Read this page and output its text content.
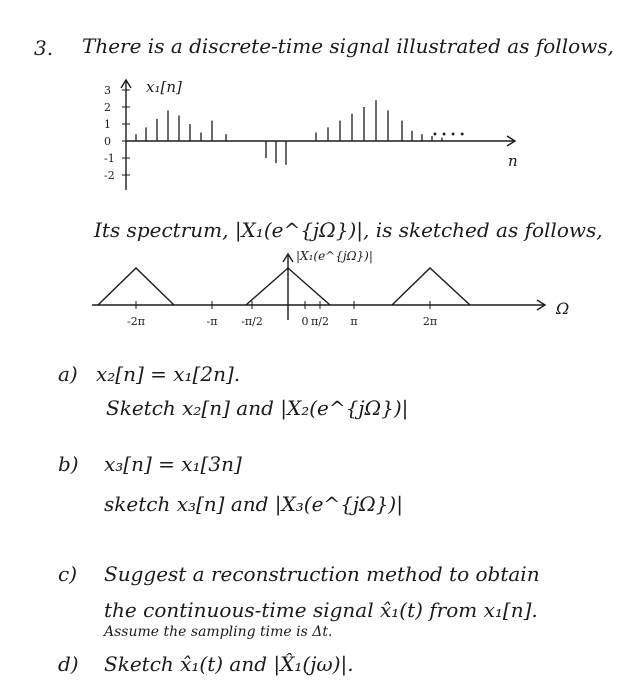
3. There is a discrete-time signal illustrated as follows,
3
2
1
0
-1
-2
x₁[n]
n
• • • •
Its spectrum, |X₁(e^{jΩ})|, is sketched as follows,
-2π	-π -π/2	0 π/2 π	2π
|X₁(e^{jΩ})|
Ω
a) x₂[n] = x₁[2n].
Sketch x₂[n] and |X₂(e^{jΩ})|
b) x₃[n] = x₁[3n]
sketch x₃[n] and |X₃(e^{jΩ})|
c) Suggest a reconstruction method to obtain
the continuous-time signal x̂₁(t) from x₁[n].
Assume the sampling time is Δt.
d) Sketch x̂₁(t) and |X̂₁(jω)|.
